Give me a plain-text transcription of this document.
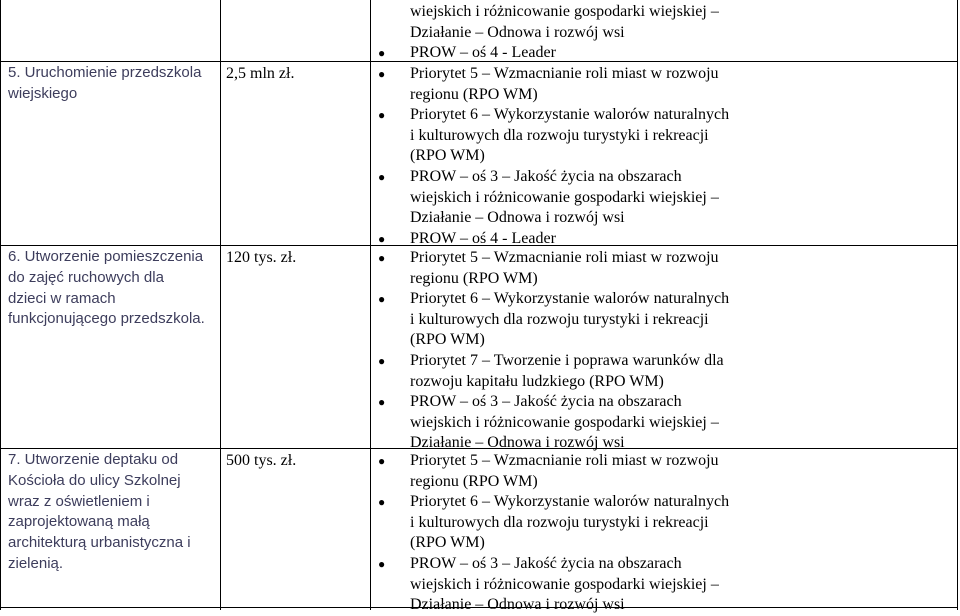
wiejskich i różnicowanie gospodarki wiejskiej –
Działanie – Odnowa i rozwój wsi
● PROW – oś 4 - Leader
5. Uruchomienie przedszkola
wiejskiego
2,5 mln zł.	● Priorytet 5 – Wzmacnianie roli miast w rozwoju
regionu (RPO WM)
● Priorytet 6 – Wykorzystanie walorów naturalnych
i kulturowych dla rozwoju turystyki i rekreacji
(RPO WM)
● PROW – oś 3 – Jakość życia na obszarach
wiejskich i różnicowanie gospodarki wiejskiej –
Działanie – Odnowa i rozwój wsi
● PROW – oś 4 - Leader
6. Utworzenie pomieszczenia
do zajęć ruchowych dla
dzieci w ramach
funkcjonującego przedszkola.
120 tys. zł.	● Priorytet 5 – Wzmacnianie roli miast w rozwoju
regionu (RPO WM)
● Priorytet 6 – Wykorzystanie walorów naturalnych
i kulturowych dla rozwoju turystyki i rekreacji
(RPO WM)
● Priorytet 7 – Tworzenie i poprawa warunków dla
rozwoju kapitału ludzkiego (RPO WM)
● PROW – oś 3 – Jakość życia na obszarach
wiejskich i różnicowanie gospodarki wiejskiej –
Działanie – Odnowa i rozwój wsi
7. Utworzenie deptaku od
Kościoła do ulicy Szkolnej
wraz z oświetleniem i
zaprojektowaną małą
architekturą urbanistyczna i
zielenią.
500 tys. zł.	● Priorytet 5 – Wzmacnianie roli miast w rozwoju
regionu (RPO WM)
● Priorytet 6 – Wykorzystanie walorów naturalnych
i kulturowych dla rozwoju turystyki i rekreacji
(RPO WM)
● PROW – oś 3 – Jakość życia na obszarach
wiejskich i różnicowanie gospodarki wiejskiej –
Działanie – Odnowa i rozwój wsi
